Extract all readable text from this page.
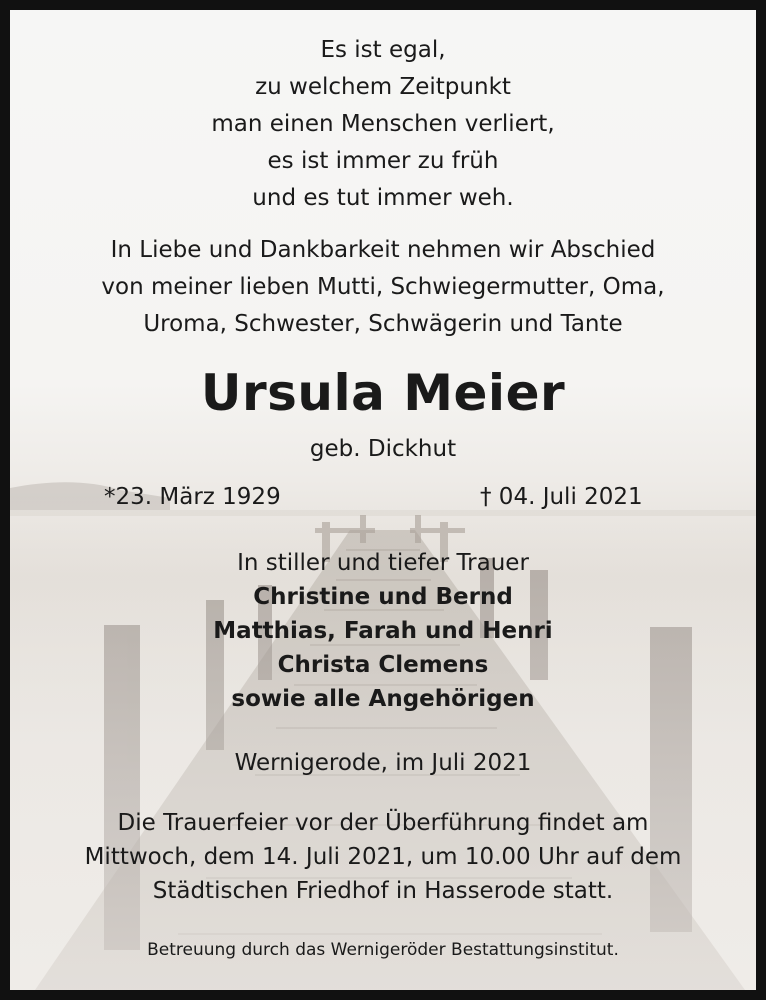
Es ist egal,
zu welchem Zeitpunkt
man einen Menschen verliert,
es ist immer zu früh
und es tut immer weh.
In Liebe und Dankbarkeit nehmen wir Abschied
von meiner lieben Mutti, Schwiegermutter, Oma,
Uroma, Schwester, Schwägerin und Tante
Ursula Meier
geb. Dickhut
*23. März 1929	† 04. Juli 2021
In stiller und tiefer Trauer
Christine und Bernd
Matthias, Farah und Henri
Christa Clemens
sowie alle Angehörigen
Wernigerode, im Juli 2021
Die Trauerfeier vor der Überführung findet am
Mittwoch, dem 14. Juli 2021, um 10.00 Uhr auf dem
Städtischen Friedhof in Hasserode statt.
Betreuung durch das Wernigeröder Bestattungsinstitut.
